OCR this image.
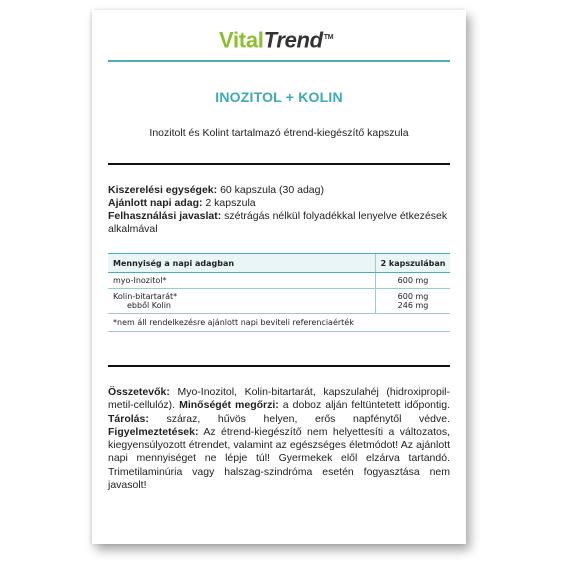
VitalTrend™
INOZITOL + KOLIN
Inozitolt és Kolint tartalmazó étrend-kiegészítő kapszula

Kiszerelési egységek: 60 kapszula (30 adag)

Ajánlott napi adag: 2 kapszula

Felhasználási javaslat: szétrágás nélkül folyadékkal lenyelve étkezések alkalmával

Mennyiség a napi adagban	2 kapszulában
myo-Inozitol*	600 mg
Kolin-bitartarát*
ebből Kolin
600 mg
246 mg
*nem áll rendelkezésre ajánlott napi beviteli referenciaérték
Összetevők: Myo-Inozitol, Kolin-bitartarát, kapszulahéj (hidroxipropil-metil-cellulóz). Minőségét megőrzi: a doboz alján feltüntetett időpontig. Tárolás: száraz, hűvös helyen, erős napfénytől védve. Figyelmeztetések: Az étrend-kiegészítő nem helyettesíti a változatos, kiegyensúlyozott étrendet, valamint az egészséges életmódot! Az ajánlott napi mennyiséget ne lépje túl! Gyermekek elől elzárva tartandó. Trimetilaminúria vagy halszag-szindróma esetén fogyasztása nem javasolt!
